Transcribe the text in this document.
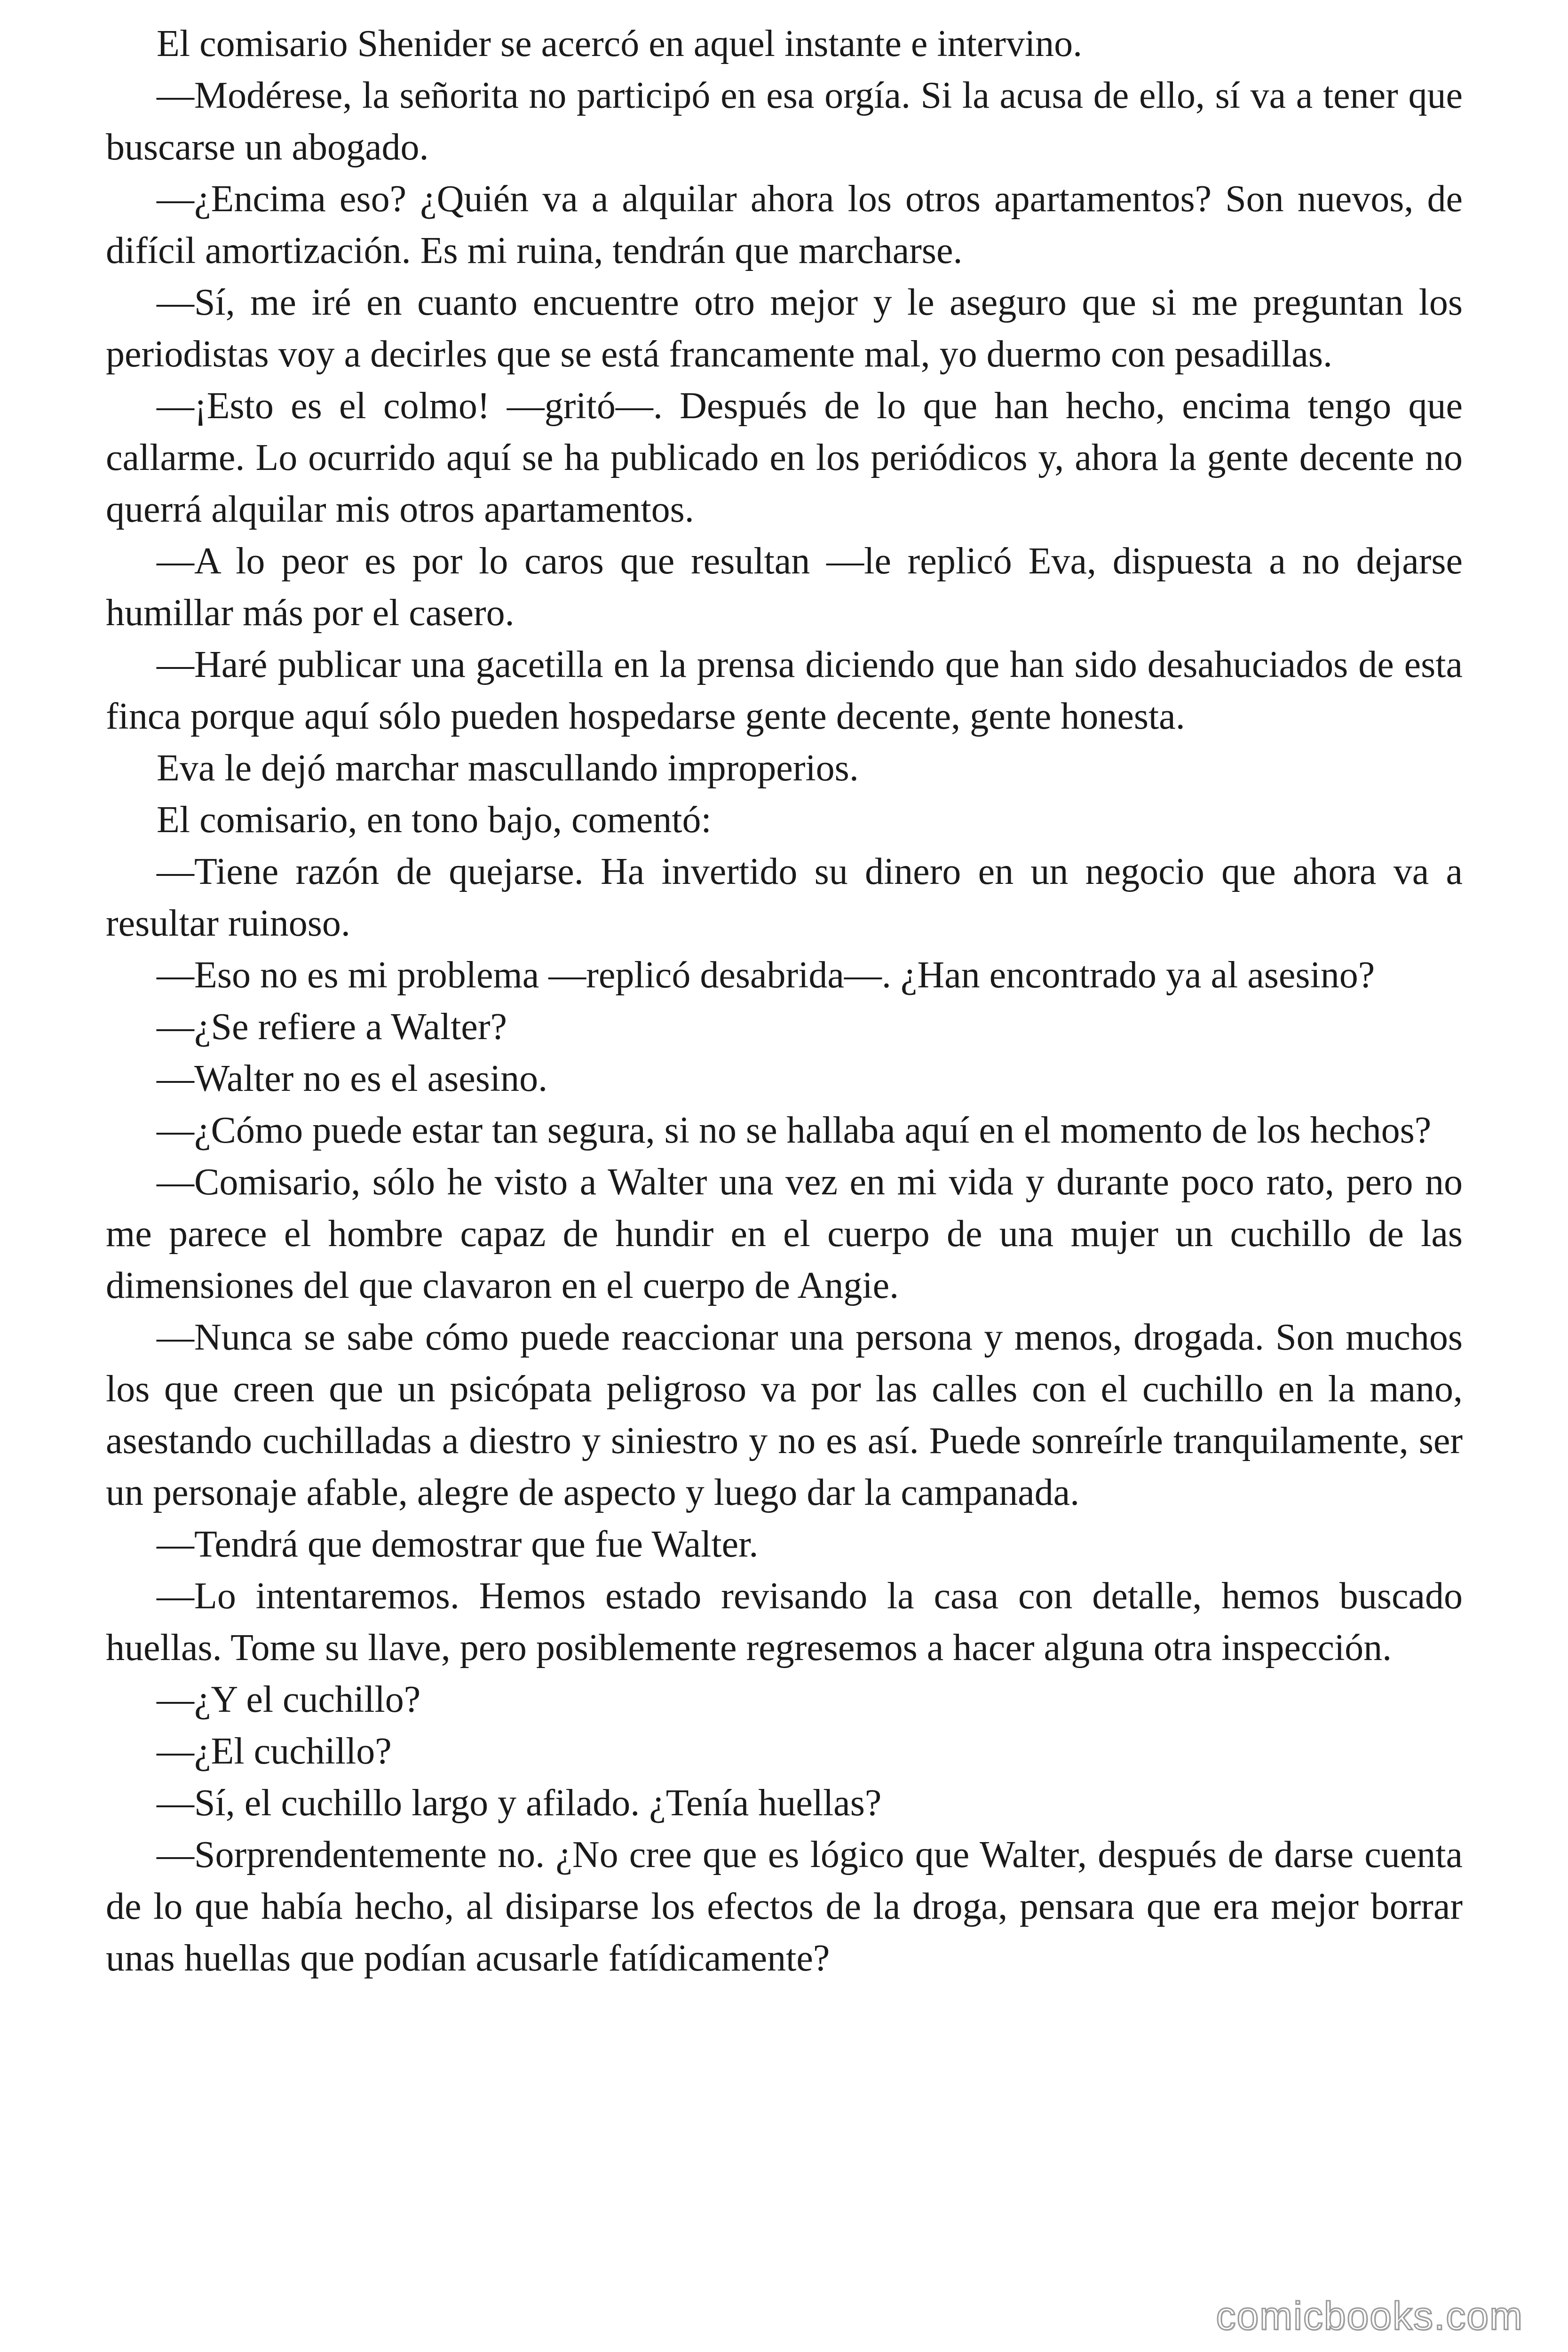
El comisario Shenider se acercó en aquel instante e intervino.

—Modérese, la señorita no participó en esa orgía. Si la acusa de ello, sí va a tener que buscarse un abogado.

—¿Encima eso? ¿Quién va a alquilar ahora los otros apartamentos? Son nuevos, de difícil amortización. Es mi ruina, tendrán que marcharse.

—Sí, me iré en cuanto encuentre otro mejor y le aseguro que si me preguntan los periodistas voy a decirles que se está francamente mal, yo duermo con pesadillas.

—¡Esto es el colmo! —gritó—. Después de lo que han hecho, encima tengo que callarme. Lo ocurrido aquí se ha publicado en los periódicos y, ahora la gente decente no querrá alquilar mis otros apartamentos.

—A lo peor es por lo caros que resultan —le replicó Eva, dispuesta a no dejarse humillar más por el casero.

—Haré publicar una gacetilla en la prensa diciendo que han sido desahuciados de esta finca porque aquí sólo pueden hospedarse gente decente, gente honesta.

Eva le dejó marchar mascullando improperios.

El comisario, en tono bajo, comentó:

—Tiene razón de quejarse. Ha invertido su dinero en un negocio que ahora va a resultar ruinoso.

—Eso no es mi problema —replicó desabrida—. ¿Han encontrado ya al asesino?

—¿Se refiere a Walter?

—Walter no es el asesino.

—¿Cómo puede estar tan segura, si no se hallaba aquí en el momento de los hechos?

—Comisario, sólo he visto a Walter una vez en mi vida y durante poco rato, pero no me parece el hombre capaz de hundir en el cuerpo de una mujer un cuchillo de las dimensiones del que clavaron en el cuerpo de Angie.

—Nunca se sabe cómo puede reaccionar una persona y menos, drogada. Son muchos los que creen que un psicópata peligroso va por las calles con el cuchillo en la mano, asestando cuchilladas a diestro y siniestro y no es así. Puede sonreírle tranquilamente, ser un personaje afable, alegre de aspecto y luego dar la campanada.

—Tendrá que demostrar que fue Walter.

—Lo intentaremos. Hemos estado revisando la casa con detalle, hemos buscado huellas. Tome su llave, pero posiblemente regresemos a hacer alguna otra inspección.

—¿Y el cuchillo?

—¿El cuchillo?

—Sí, el cuchillo largo y afilado. ¿Tenía huellas?

—Sorprendentemente no. ¿No cree que es lógico que Walter, después de darse cuenta de lo que había hecho, al disiparse los efectos de la droga, pensara que era mejor borrar unas huellas que podían acusarle fatídicamente?

comicbooks.com
